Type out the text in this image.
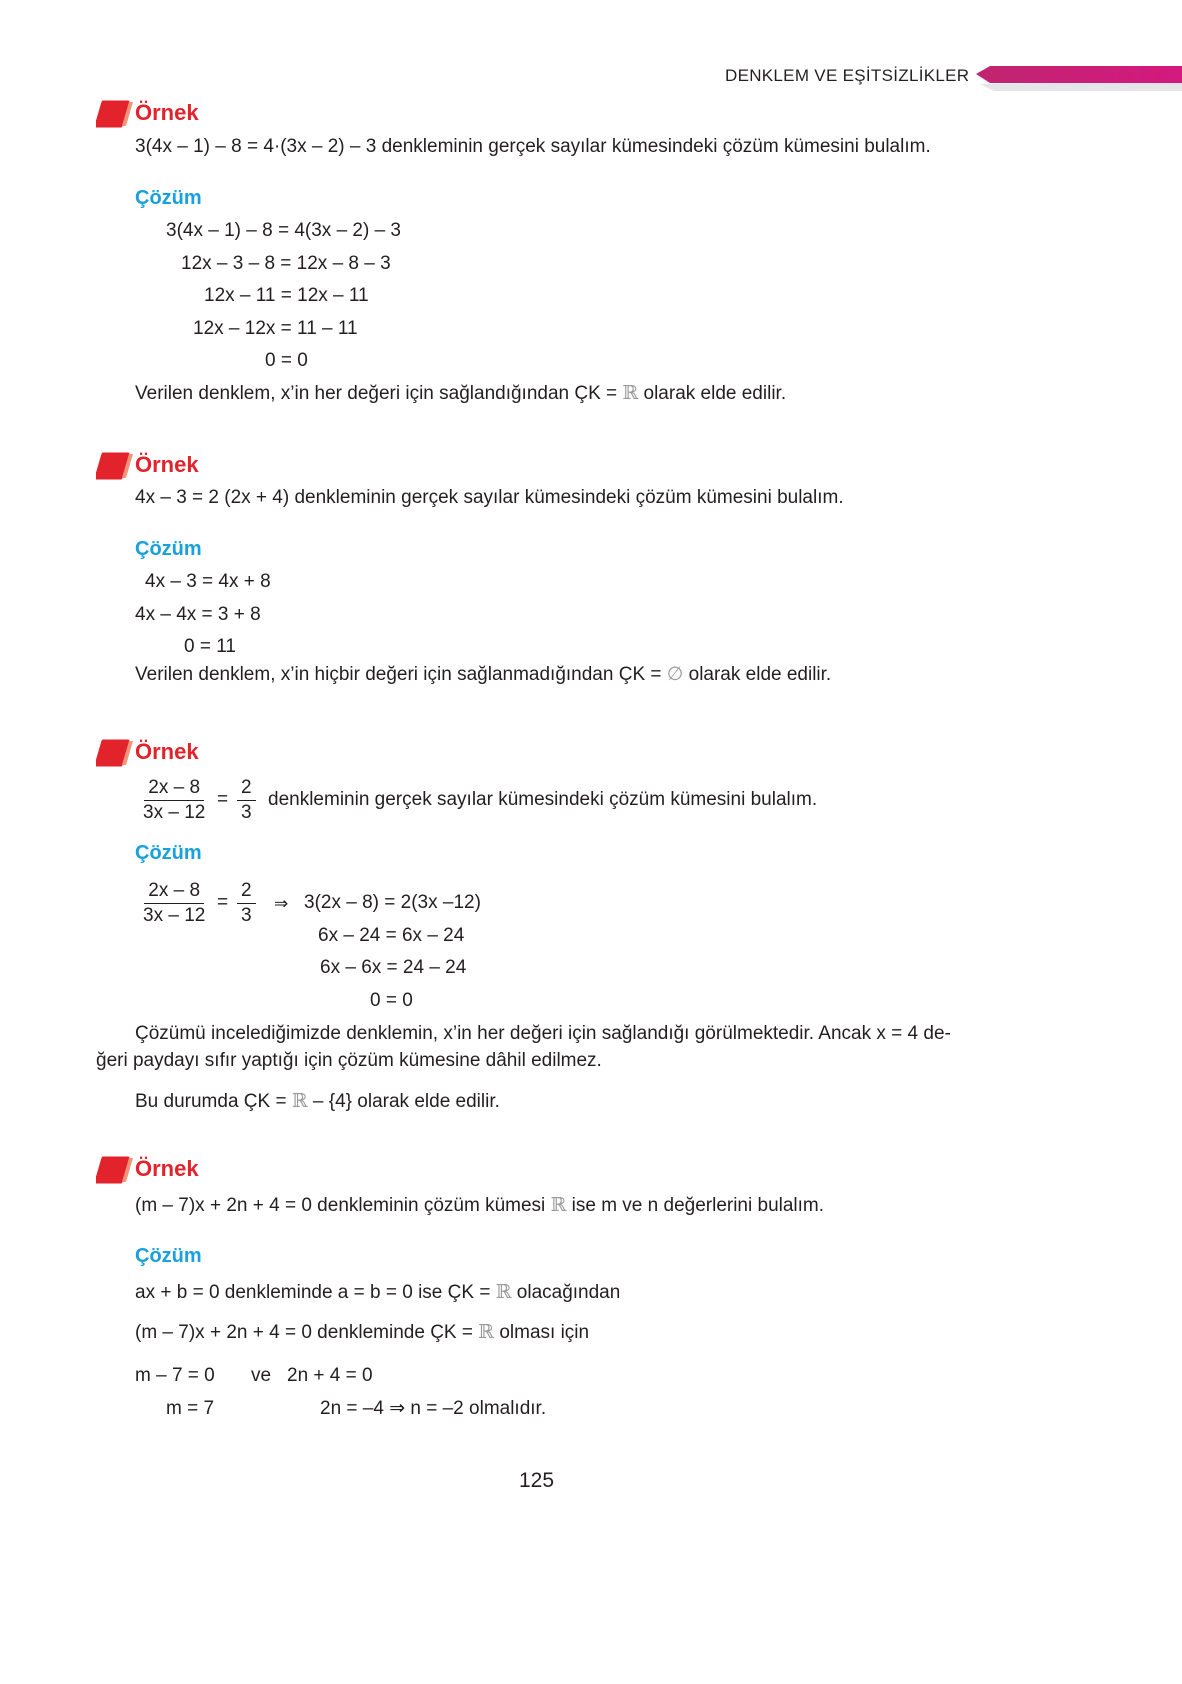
DENKLEM VE EŞİTSİZLİKLER
Örnek
3(4x – 1) – 8 = 4·(3x – 2) – 3 denkleminin gerçek sayılar kümesindeki çözüm kümesini bulalım.
Çözüm
3(4x – 1) – 8 = 4(3x – 2) – 3
12x – 3 – 8 = 12x – 8 – 3
12x – 11 = 12x – 11
12x – 12x = 11 – 11
0 = 0
Verilen denklem, x’in her değeri için sağlandığından ÇK = ℝ olarak elde edilir.
Örnek
4x – 3 = 2 (2x + 4) denkleminin gerçek sayılar kümesindeki çözüm kümesini bulalım.
Çözüm
4x – 3 = 4x + 8
4x – 4x = 3 + 8
0 = 11
Verilen denklem, x’in hiçbir değeri için sağlanmadığından ÇK = ∅ olarak elde edilir.
Örnek
$\frac{2x - 8}{3x - 12} = \frac{2}{3}$ denkleminin gerçek sayılar kümesindeki çözüm kümesini bulalım.
Çözüm
$\frac{2x - 8}{3x - 12} = \frac{2}{3}$ ⇒ 3(2x – 8) = 2(3x –12)
6x – 24 = 6x – 24
6x – 6x = 24 – 24
0 = 0
Çözümü incelediğimizde denklemin, x’in her değeri için sağlandığı görülmektedir. Ancak x = 4 de-
ğeri paydayı sıfır yaptığı için çözüm kümesine dâhil edilmez.
Bu durumda ÇK = ℝ – {4} olarak elde edilir.
Örnek
(m – 7)x + 2n + 4 = 0 denkleminin çözüm kümesi ℝ ise m ve n değerlerini bulalım.
Çözüm
ax + b = 0 denkleminde a = b = 0 ise ÇK = ℝ olacağından
(m – 7)x + 2n + 4 = 0 denkleminde ÇK = ℝ olması için
m – 7 = 0 ve 2n + 4 = 0
m = 7	2n = –4 ⇒ n = –2 olmalıdır.
125
